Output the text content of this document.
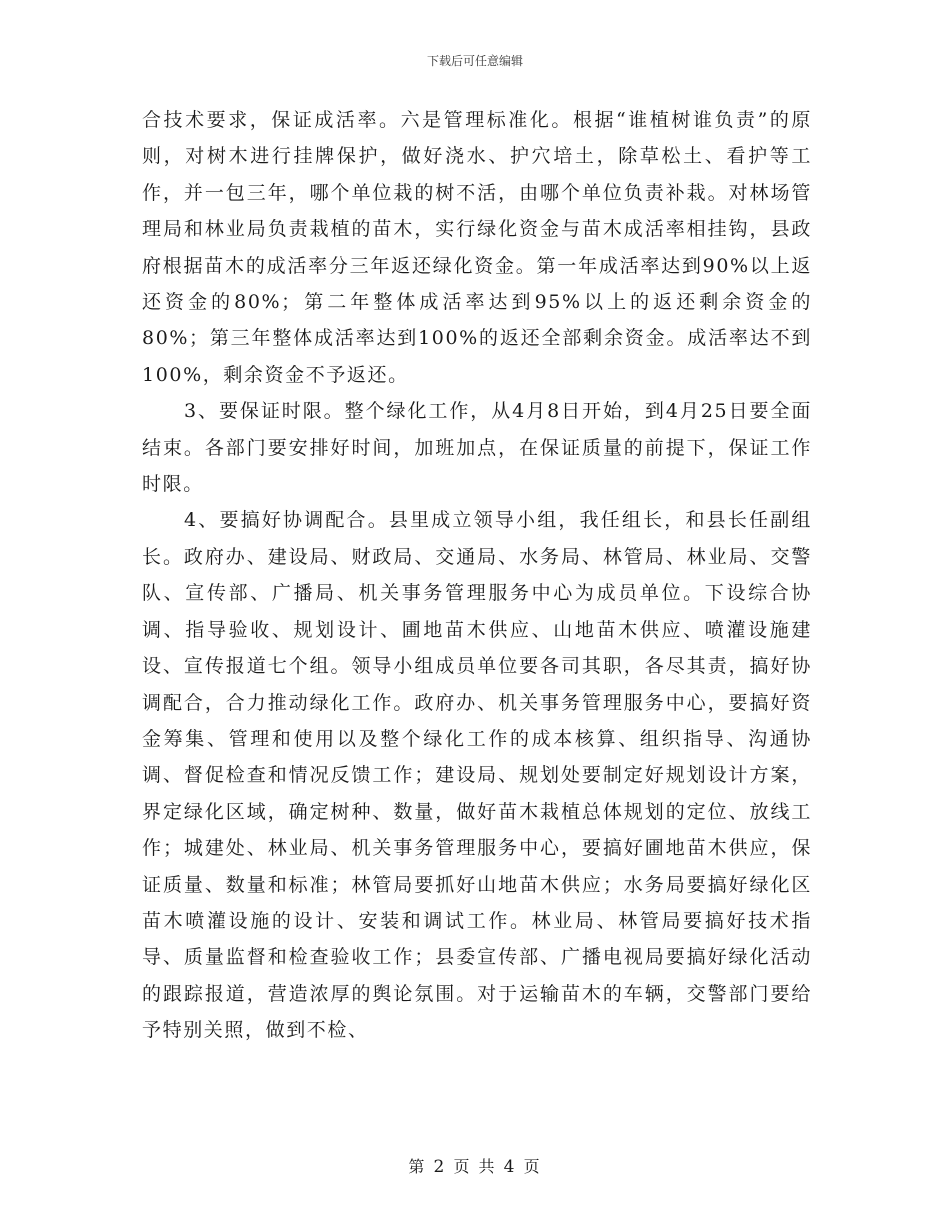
下载后可任意编辑

合技术要求，保证成活率。六是管理标准化。根据“谁植树谁负责”的原则，对树木进行挂牌保护，做好浇水、护穴培土，除草松土、看护等工作，并一包三年，哪个单位栽的树不活，由哪个单位负责补栽。对林场管理局和林业局负责栽植的苗木，实行绿化资金与苗木成活率相挂钩，县政府根据苗木的成活率分三年返还绿化资金。第一年成活率达到90%以上返还资金的80%；第二年整体成活率达到95%以上的返还剩余资金的80%；第三年整体成活率达到100%的返还全部剩余资金。成活率达不到100%，剩余资金不予返还。

3、要保证时限。整个绿化工作，从4月8日开始，到4月25日要全面结束。各部门要安排好时间，加班加点，在保证质量的前提下，保证工作时限。

4、要搞好协调配合。县里成立领导小组，我任组长，和县长任副组长。政府办、建设局、财政局、交通局、水务局、林管局、林业局、交警队、宣传部、广播局、机关事务管理服务中心为成员单位。下设综合协调、指导验收、规划设计、圃地苗木供应、山地苗木供应、喷灌设施建设、宣传报道七个组。领导小组成员单位要各司其职，各尽其责，搞好协调配合，合力推动绿化工作。政府办、机关事务管理服务中心，要搞好资金筹集、管理和使用以及整个绿化工作的成本核算、组织指导、沟通协调、督促检查和情况反馈工作；建设局、规划处要制定好规划设计方案，界定绿化区域，确定树种、数量，做好苗木栽植总体规划的定位、放线工作；城建处、林业局、机关事务管理服务中心，要搞好圃地苗木供应，保证质量、数量和标准；林管局要抓好山地苗木供应；水务局要搞好绿化区苗木喷灌设施的设计、安装和调试工作。林业局、林管局要搞好技术指导、质量监督和检查验收工作；县委宣传部、广播电视局要搞好绿化活动的跟踪报道，营造浓厚的舆论氛围。对于运输苗木的车辆，交警部门要给予特别关照，做到不检、

第 2 页 共 4 页
